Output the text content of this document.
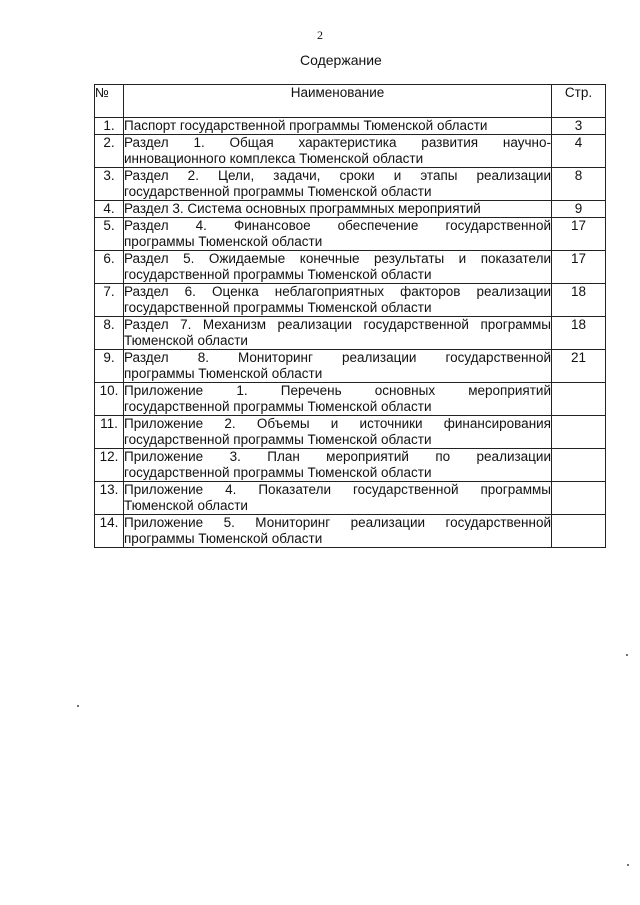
2
Содержание
№	Наименование	Стр.
1.	Паспорт государственной программы Тюменской области	3
2.	Раздел 1. Общая характеристика развития научно-
инновационного комплекса Тюменской области	4
3.	Раздел 2. Цели, задачи, сроки и этапы реализации
государственной программы Тюменской области	8
4.	Раздел 3. Система основных программных мероприятий	9
5.	Раздел 4. Финансовое обеспечение государственной
программы Тюменской области	17
6.	Раздел 5. Ожидаемые конечные результаты и показатели
государственной программы Тюменской области	17
7.	Раздел 6. Оценка неблагоприятных факторов реализации
государственной программы Тюменской области	18
8.	Раздел 7. Механизм реализации государственной программы
Тюменской области	18
9.	Раздел 8. Мониторинг реализации государственной
программы Тюменской области	21
10.	Приложение 1. Перечень основных мероприятий
государственной программы Тюменской области	

11.	Приложение 2. Объемы и источники финансирования
государственной программы Тюменской области	

12.	Приложение 3. План мероприятий по реализации
государственной программы Тюменской области	

13.	Приложение 4. Показатели государственной программы
Тюменской области	

14.	Приложение 5. Мониторинг реализации государственной
программы Тюменской области	
